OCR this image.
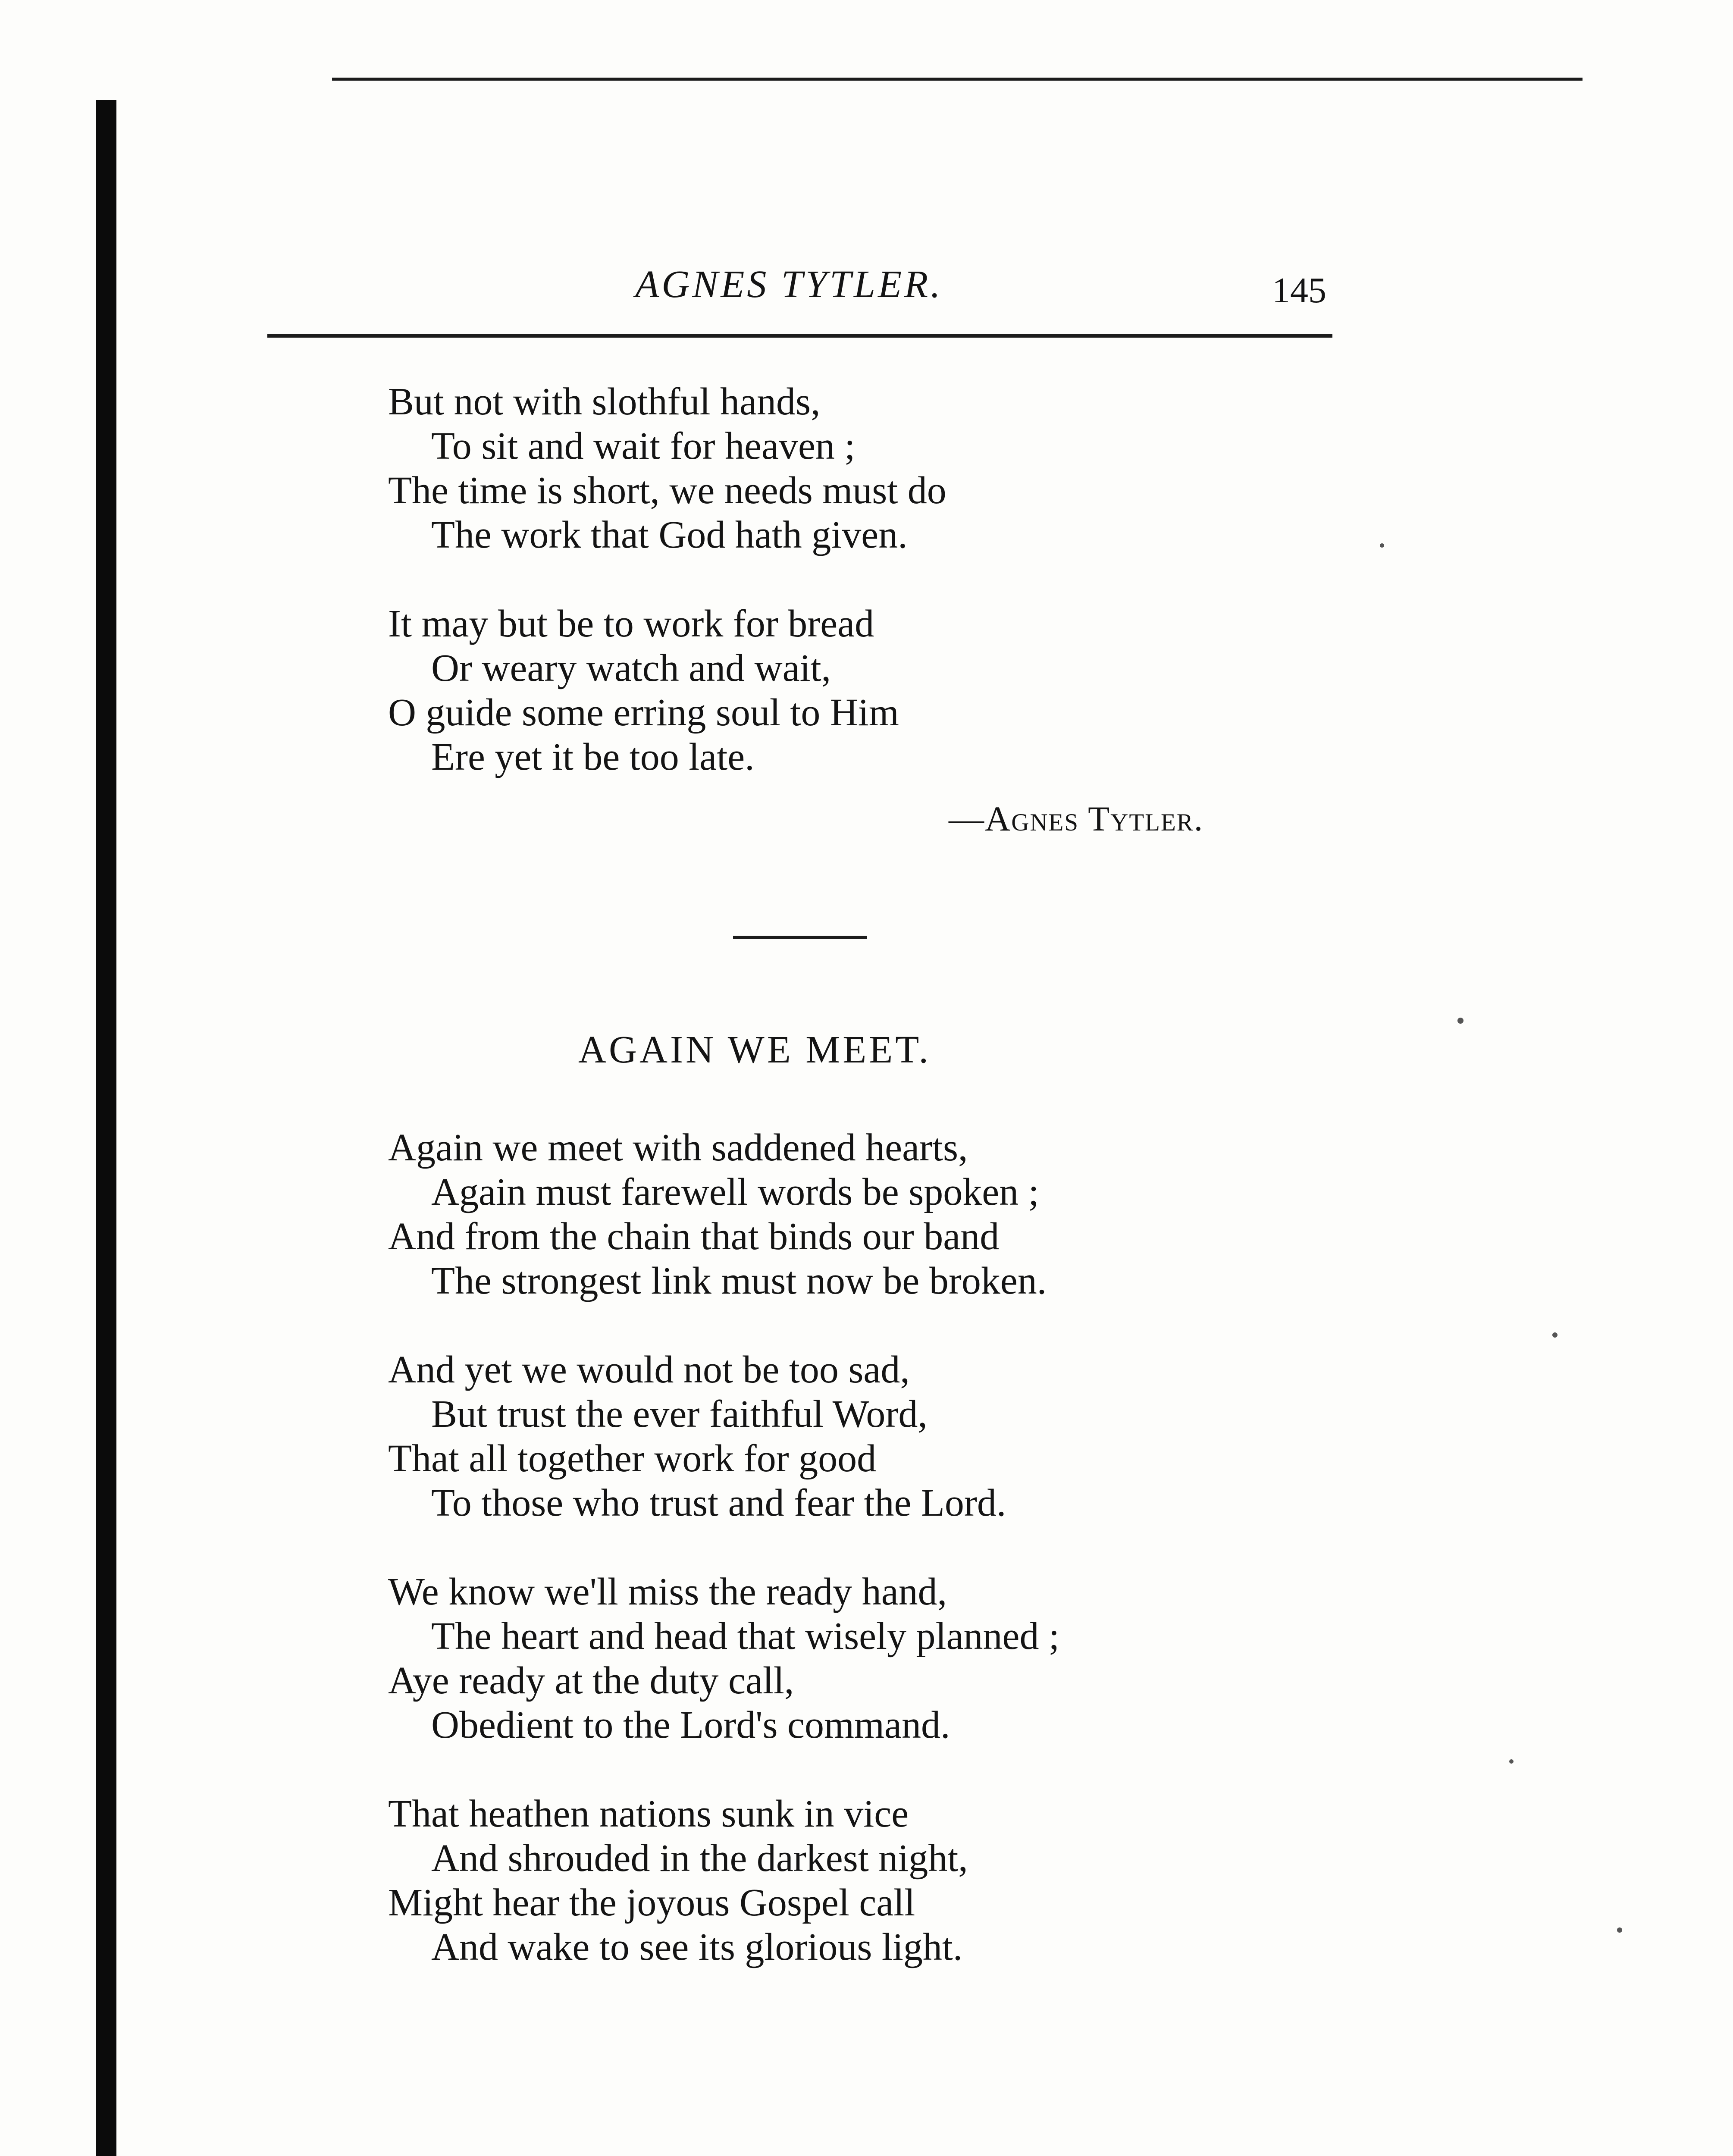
AGNES TYTLER.	145
But not with slothful hands,
To sit and wait for heaven ;
The time is short, we needs must do
The work that God hath given.
It may but be to work for bread
Or weary watch and wait,
O guide some erring soul to Him
Ere yet it be too late.
—Agnes Tytler.
AGAIN WE MEET.
Again we meet with saddened hearts,
Again must farewell words be spoken ;
And from the chain that binds our band
The strongest link must now be broken.
And yet we would not be too sad,
But trust the ever faithful Word,
That all together work for good
To those who trust and fear the Lord.
We know we'll miss the ready hand,
The heart and head that wisely planned ;
Aye ready at the duty call,
Obedient to the Lord's command.
That heathen nations sunk in vice
And shrouded in the darkest night,
Might hear the joyous Gospel call
And wake to see its glorious light.
